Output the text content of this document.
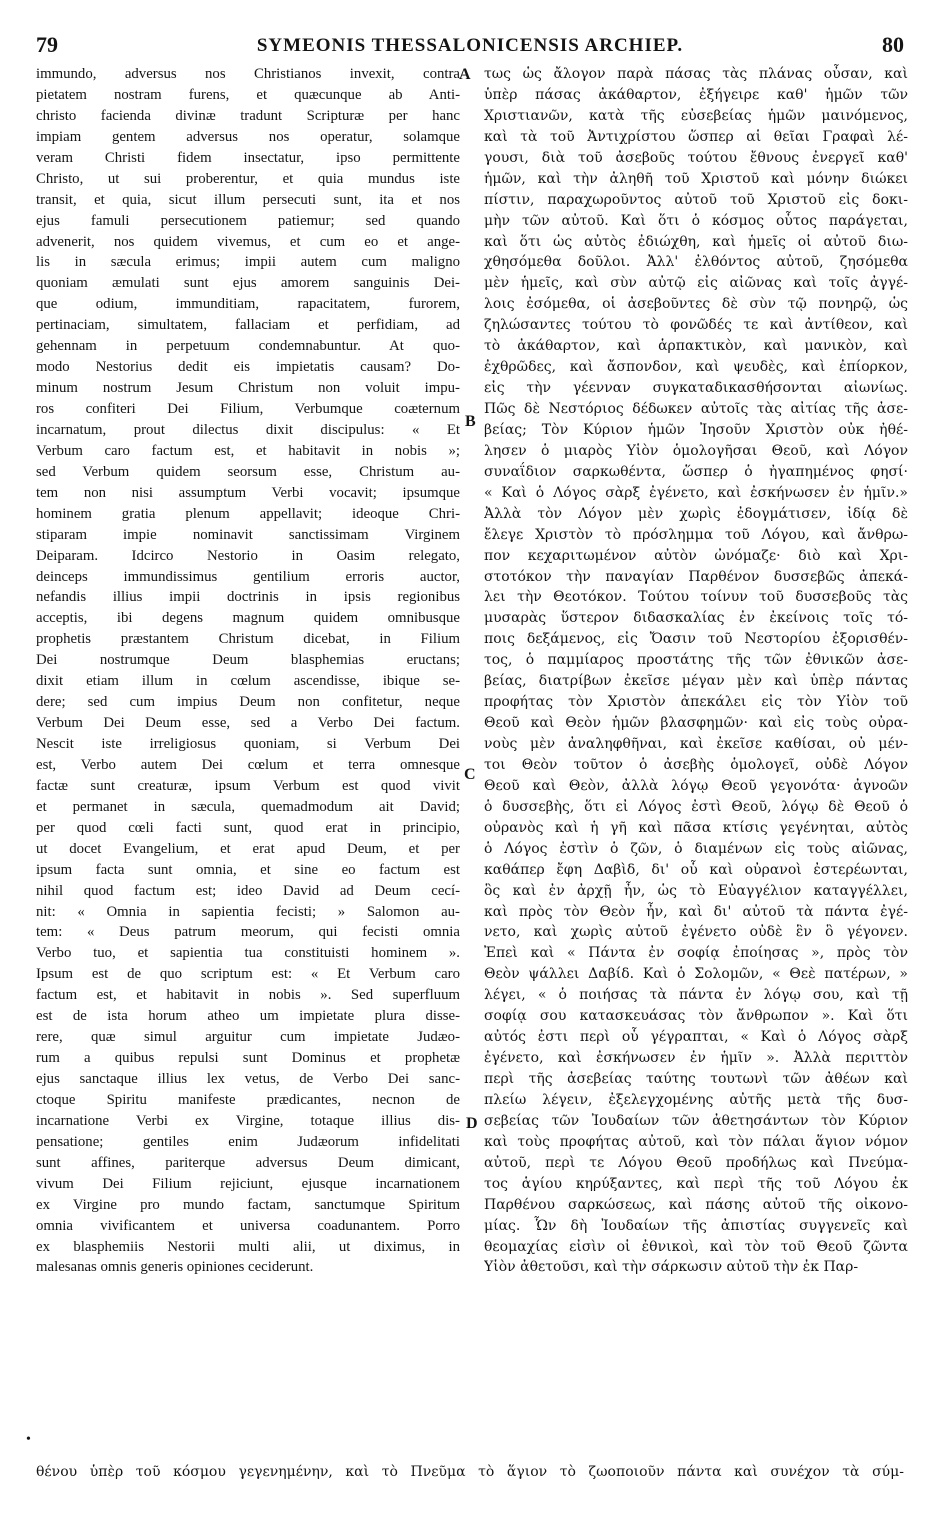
79	SYMEONIS THESSALONICENSIS ARCHIEP.	80
immundo, adversus nos Christianos invexit, contra
pietatem nostram furens, et quæcunque ab Anti-
christo facienda divinæ tradunt Scripturæ per hanc
impiam gentem adversus nos operatur, solamque
veram Christi fidem insectatur, ipso permittente
Christo, ut sui proberentur, et quia mundus iste
transit, et quia, sicut illum persecuti sunt, ita et nos
ejus famuli persecutionem patiemur; sed quando
advenerit, nos quidem vivemus, et cum eo et ange-
lis in sæcula erimus; impii autem cum maligno
quoniam æmulati sunt ejus amorem sanguinis Dei-
que odium, immunditiam, rapacitatem, furorem,
pertinaciam, simultatem, fallaciam et perfidiam, ad
gehennam in perpetuum condemnabuntur. At quo-
modo Nestorius dedit eis impietatis causam? Do-
minum nostrum Jesum Christum non voluit impu-
ros confiteri Dei Filium, Verbumque coæternum
incarnatum, prout dilectus dixit discipulus: « Et
Verbum caro factum est, et habitavit in nobis »;
sed Verbum quidem seorsum esse, Christum au-
tem non nisi assumptum Verbi vocavit; ipsumque
hominem gratia plenum appellavit; ideoque Chri-
stiparam impie nominavit sanctissimam Virginem
Deiparam. Idcirco Nestorio in Oasim relegato,
deinceps immundissimus gentilium erroris auctor,
nefandis illius impii doctrinis in ipsis regionibus
acceptis, ibi degens magnum quidem omnibusque
prophetis præstantem Christum dicebat, in Filium
Dei nostrumque Deum blasphemias eructans;
dixit etiam illum in cœlum ascendisse, ibique se-
dere; sed cum impius Deum non confitetur, neque
Verbum Dei Deum esse, sed a Verbo Dei factum.
Nescit iste irreligiosus quoniam, si Verbum Dei
est, Verbo autem Dei cœlum et terra omnesque
factæ sunt creaturæ, ipsum Verbum est quod vivit
et permanet in sæcula, quemadmodum ait David;
per quod cœli facti sunt, quod erat in principio,
ut docet Evangelium, et erat apud Deum, et per
ipsum facta sunt omnia, et sine eo factum est
nihil quod factum est; ideo David ad Deum cecí-
nit: « Omnia in sapientia fecisti; » Salomon au-
tem: « Deus patrum meorum, qui fecisti omnia
Verbo tuo, et sapientia tua constituisti hominem ».
Ipsum est de quo scriptum est: « Et Verbum caro
factum est, et habitavit in nobis ». Sed superfluum
est de ista horum atheo um impietate plura disse-
rere, quæ simul arguitur cum impietate Judæo-
rum a quibus repulsi sunt Dominus et prophetæ
ejus sanctaque illius lex vetus, de Verbo Dei sanc-
ctoque Spiritu manifeste prædicantes, necnon de
incarnatione Verbi ex Virgine, totaque illius dis-
pensatione; gentiles enim Judæorum infidelitati
sunt affines, pariterque adversus Deum dimicant,
vivum Dei Filium rejiciunt, ejusque incarnationem
ex Virgine pro mundo factam, sanctumque Spiritum
omnia vivificantem et universa coadunantem. Porro
ex blasphemiis Nestorii multi alii, ut diximus, in
malesanas omnis generis opiniones ceciderunt.
τως ὡς ἄλογον παρὰ πάσας τὰς πλάνας οὖσαν, καὶ
ὑπὲρ πάσας ἀκάθαρτον, ἐξήγειρε καθ' ἡμῶν τῶν
Χριστιανῶν, κατὰ τῆς εὐσεβείας ἡμῶν μαινόμενος,
καὶ τὰ τοῦ Ἀντιχρίστου ὥσπερ αἱ θεῖαι Γραφαὶ λέ-
γουσι, διὰ τοῦ ἀσεβοῦς τούτου ἔθνους ἐνεργεῖ καθ'
ἡμῶν, καὶ τὴν ἀληθῆ τοῦ Χριστοῦ καὶ μόνην διώκει
πίστιν, παραχωροῦντος αὐτοῦ τοῦ Χριστοῦ εἰς δοκι-
μὴν τῶν αὐτοῦ. Καὶ ὅτι ὁ κόσμος οὗτος παράγεται,
καὶ ὅτι ὡς αὐτὸς ἐδιώχθη, καὶ ἡμεῖς οἱ αὐτοῦ διω-
χθησόμεθα δοῦλοι. Ἀλλ' ἐλθόντος αὐτοῦ, ζησόμεθα
μὲν ἡμεῖς, καὶ σὺν αὐτῷ εἰς αἰῶνας καὶ τοῖς ἀγγέ-
λοις ἐσόμεθα, οἱ ἀσεβοῦντες δὲ σὺν τῷ πονηρῷ, ὡς
ζηλώσαντες τούτου τὸ φονῶδές τε καὶ ἀντίθεον, καὶ
τὸ ἀκάθαρτον, καὶ ἁρπακτικὸν, καὶ μανικὸν, καὶ
ἐχθρῶδες, καὶ ἄσπονδον, καὶ ψευδὲς, καὶ ἐπίορκον,
εἰς τὴν γέενναν συγκαταδικασθήσονται αἰωνίως.
Πῶς δὲ Νεστόριος δέδωκεν αὐτοῖς τὰς αἰτίας τῆς ἀσε-
βείας; Τὸν Κύριον ἡμῶν Ἰησοῦν Χριστὸν οὐκ ἠθέ-
λησεν ὁ μιαρὸς Υἱὸν ὁμολογῆσαι Θεοῦ, καὶ Λόγον
συναΐδιον σαρκωθέντα, ὥσπερ ὁ ἠγαπημένος φησί·
« Καὶ ὁ Λόγος σὰρξ ἐγένετο, καὶ ἐσκήνωσεν ἐν ἡμῖν.»
Ἀλλὰ τὸν Λόγον μὲν χωρὶς ἐδογμάτισεν, ἰδίᾳ δὲ
ἔλεγε Χριστὸν τὸ πρόσλημμα τοῦ Λόγου, καὶ ἄνθρω-
πον κεχαριτωμένον αὐτὸν ὠνόμαζε· διὸ καὶ Χρι-
στοτόκον τὴν παναγίαν Παρθένον δυσσεβῶς ἀπεκά-
λει τὴν Θεοτόκον. Τούτου τοίνυν τοῦ δυσσεβοῦς τὰς
μυσαρὰς ὕστερον διδασκαλίας ἐν ἐκείνοις τοῖς τό-
ποις δεξάμενος, εἰς Ὄασιν τοῦ Νεστορίου ἐξορισθέν-
τος, ὁ παμμίαρος προστάτης τῆς τῶν ἐθνικῶν ἀσε-
βείας, διατρίβων ἐκεῖσε μέγαν μὲν καὶ ὑπὲρ πάντας
προφήτας τὸν Χριστὸν ἀπεκάλει εἰς τὸν Υἱὸν τοῦ
Θεοῦ καὶ Θεὸν ἡμῶν βλασφημῶν· καὶ εἰς τοὺς οὐρα-
νοὺς μὲν ἀναληφθῆναι, καὶ ἐκεῖσε καθίσαι, οὐ μέν-
τοι Θεὸν τοῦτον ὁ ἀσεβὴς ὁμολογεῖ, οὐδὲ Λόγον
Θεοῦ καὶ Θεὸν, ἀλλὰ λόγῳ Θεοῦ γεγονότα· ἀγνοῶν
ὁ δυσσεβὴς, ὅτι εἰ Λόγος ἐστὶ Θεοῦ, λόγῳ δὲ Θεοῦ ὁ
οὐρανὸς καὶ ἡ γῆ καὶ πᾶσα κτίσις γεγένηται, αὐτὸς
ὁ Λόγος ἐστὶν ὁ ζῶν, ὁ διαμένων εἰς τοὺς αἰῶνας,
καθάπερ ἔφη Δαβὶδ, δι' οὗ καὶ οὐρανοὶ ἐστερέωνται,
ὃς καὶ ἐν ἀρχῇ ἦν, ὡς τὸ Εὐαγγέλιον καταγγέλλει,
καὶ πρὸς τὸν Θεὸν ἦν, καὶ δι' αὐτοῦ τὰ πάντα ἐγέ-
νετο, καὶ χωρὶς αὐτοῦ ἐγένετο οὐδὲ ἓν ὃ γέγονεν.
Ἐπεὶ καὶ « Πάντα ἐν σοφίᾳ ἐποίησας », πρὸς τὸν
Θεὸν ψάλλει Δαβίδ. Καὶ ὁ Σολομῶν, « Θεὲ πατέρων, »
λέγει, « ὁ ποιήσας τὰ πάντα ἐν λόγῳ σου, καὶ τῇ
σοφίᾳ σου κατασκευάσας τὸν ἄνθρωπον ». Καὶ ὅτι
αὐτός ἐστι περὶ οὗ γέγραπται, « Καὶ ὁ Λόγος σὰρξ
ἐγένετο, καὶ ἐσκήνωσεν ἐν ἡμῖν ». Ἀλλὰ περιττὸν
περὶ τῆς ἀσεβείας ταύτης τουτωνὶ τῶν ἀθέων καὶ
πλείω λέγειν, ἐξελεγχομένης αὐτῆς μετὰ τῆς δυσ-
σεβείας τῶν Ἰουδαίων τῶν ἀθετησάντων τὸν Κύριον
καὶ τοὺς προφήτας αὐτοῦ, καὶ τὸν πάλαι ἅγιον νόμον
αὐτοῦ, περὶ τε Λόγου Θεοῦ προδήλως καὶ Πνεύμα-
τος ἁγίου κηρύξαντες, καὶ περὶ τῆς τοῦ Λόγου ἐκ
Παρθένου σαρκώσεως, καὶ πάσης αὐτοῦ τῆς οἰκονο-
μίας. Ὧν δὴ Ἰουδαίων τῆς ἀπιστίας συγγενεῖς καὶ
θεομαχίας εἰσὶν οἱ ἐθνικοὶ, καὶ τὸν τοῦ Θεοῦ ζῶντα
Υἱὸν ἀθετοῦσι, καὶ τὴν σάρκωσιν αὐτοῦ τὴν ἐκ Παρ-
A
B
C
D
•
θένου ὑπὲρ τοῦ κόσμου γεγενημένην, καὶ τὸ Πνεῦμα τὸ ἅγιον τὸ ζωοποιοῦν πάντα καὶ συνέχον τὰ σύμ-
